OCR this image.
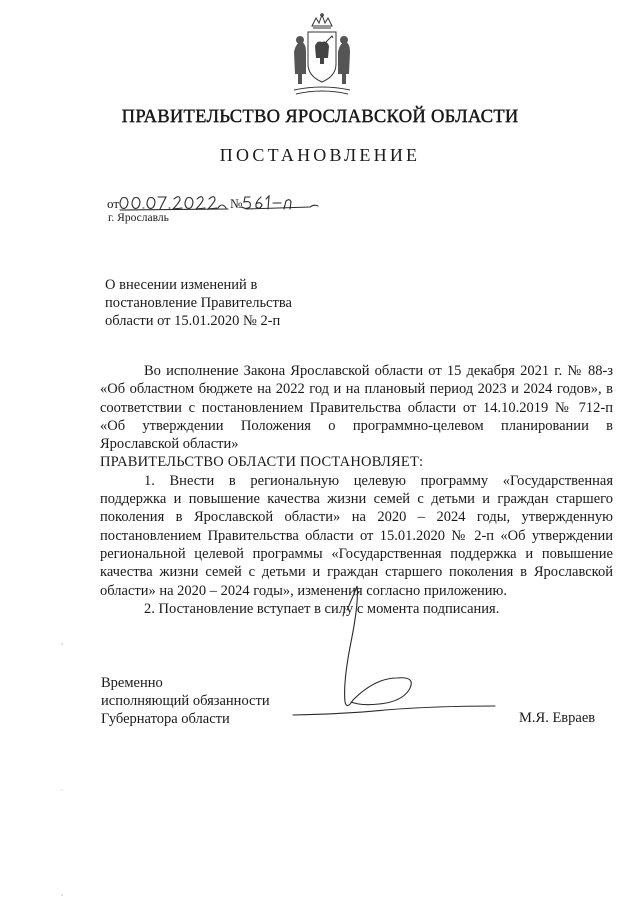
ПРАВИТЕЛЬСТВО ЯРОСЛАВСКОЙ ОБЛАСТИ
ПОСТАНОВЛЕНИЕ
от	№
г. Ярославль
О внесении изменений в
постановление Правительства
области от 15.01.2020 № 2-п

Во исполнение Закона Ярославской области от 15 декабря 2021 г. № 88-з «Об областном бюджете на 2022 год и на плановый период 2023 и 2024 годов», в соответствии с постановлением Правительства области от 14.10.2019 № 712-п «Об утверждении Положения о программно-целевом планировании в Ярославской области»

ПРАВИТЕЛЬСТВО ОБЛАСТИ ПОСТАНОВЛЯЕТ:

1. Внести в региональную целевую программу «Государственная поддержка и повышение качества жизни семей с детьми и граждан старшего поколения в Ярославской области» на 2020 – 2024 годы, утвержденную постановлением Правительства области от 15.01.2020 № 2-п «Об утверждении региональной целевой программы «Государственная поддержка и повышение качества жизни семей с детьми и граждан старшего поколения в Ярославской области» на 2020 – 2024 годы», изменения согласно приложению.

2. Постановление вступает в силу с момента подписания.

Временно
исполняющий обязанности
Губернатора области	М.Я. Евраев
